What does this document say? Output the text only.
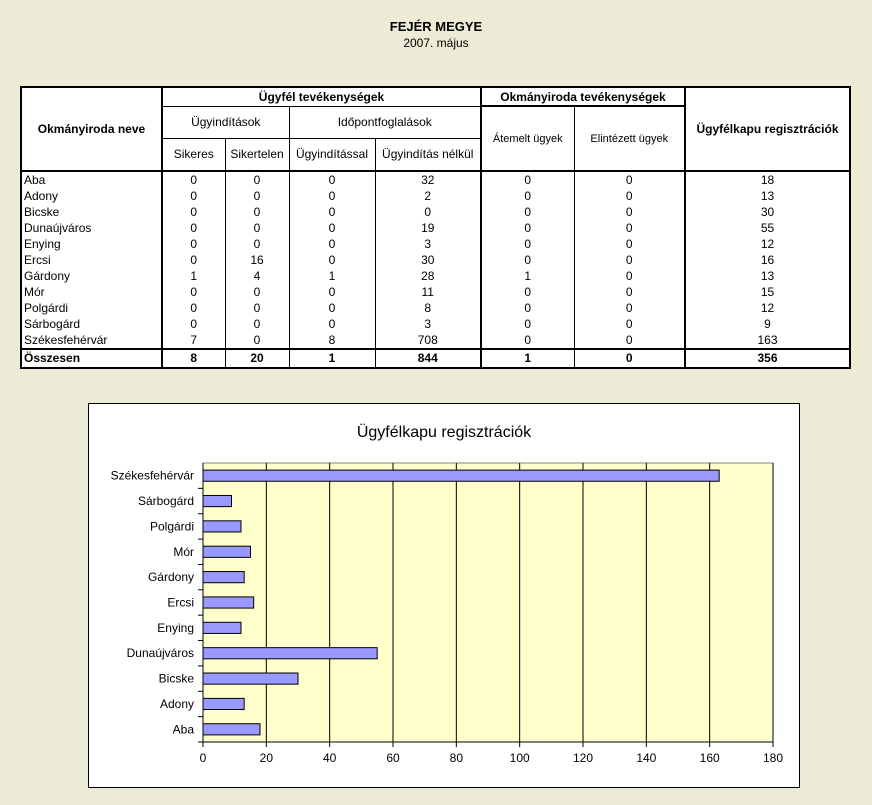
FEJÉR MEGYE
2007. május
Okmányiroda neve	Ügyfél tevékenységek				Okmányiroda tevékenységek		Ügyfélkapu regisztrációk
	Ügyindítások		Időpontfoglalások		Átemelt ügyek	Elintézett ügyek	
	Sikeres	Sikertelen	Ügyindítással	Ügyindítás nélkül			
Aba	0	0	0	32	0	0	18
Adony	0	0	0	2	0	0	13
Bicske	0	0	0	0	0	0	30
Dunaújváros	0	0	0	19	0	0	55
Enying	0	0	0	3	0	0	12
Ercsi	0	16	0	30	0	0	16
Gárdony	1	4	1	28	1	0	13
Mór	0	0	0	11	0	0	15
Polgárdi	0	0	0	8	0	0	12
Sárbogárd	0	0	0	3	0	0	9
Székesfehérvár	7	0	8	708	0	0	163
Összesen	8	20	1	844	1	0	356
Ügyfélkapu regisztrációk
0	20	40	60	80	100	120	140	160	180
Aba
Adony
Bicske
Dunaújváros
Enying
Ercsi
Gárdony
Mór
Polgárdi
Sárbogárd
Székesfehérvár
